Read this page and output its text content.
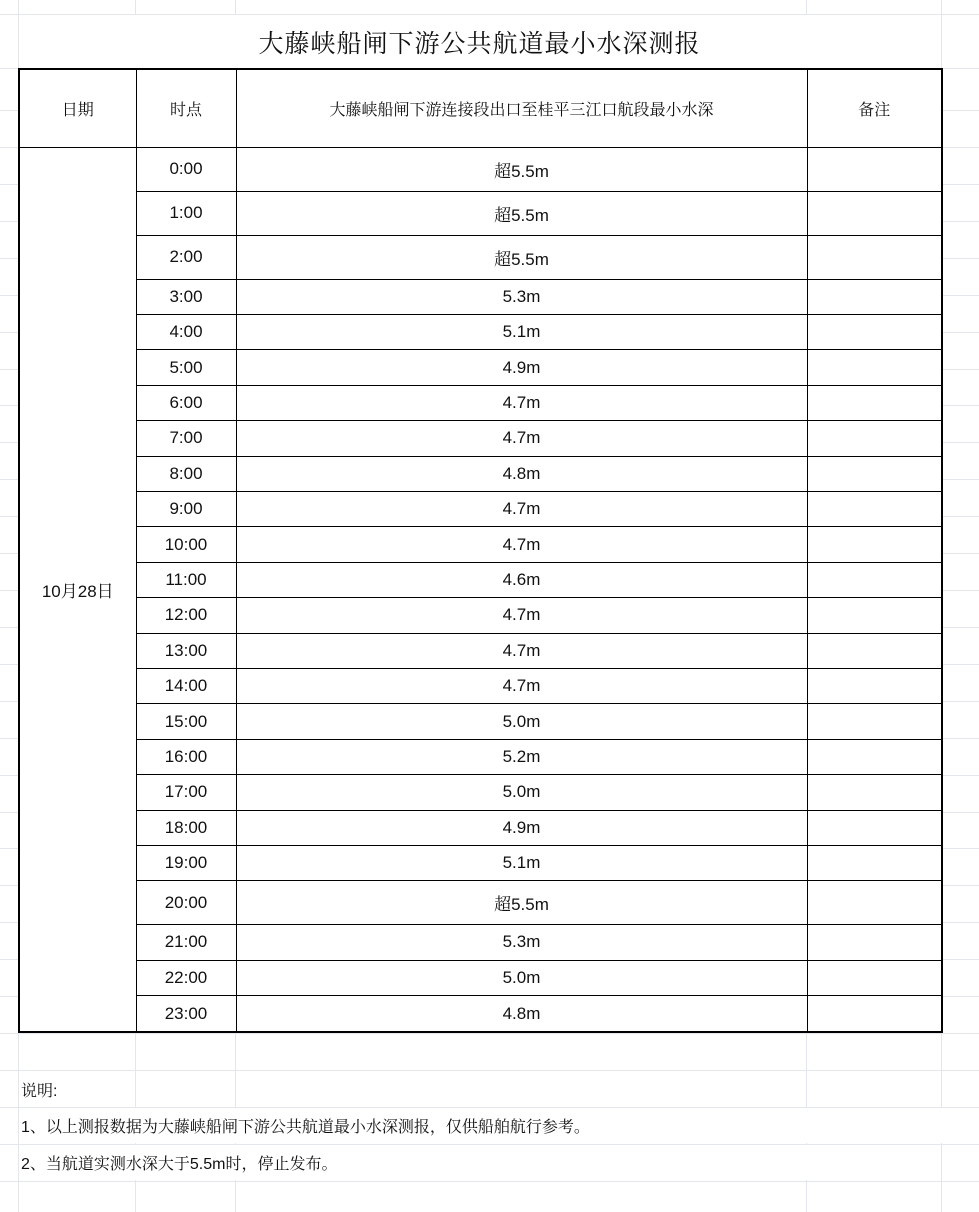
大藤峡船闸下游公共航道最小水深测报
日期	时点	大藤峡船闸下游连接段出口至桂平三江口航段最小水深	备注
10月28日	0:00	超5.5m	
	1:00	超5.5m	
	2:00	超5.5m	
	3:00	5.3m	
	4:00	5.1m	
	5:00	4.9m	
	6:00	4.7m	
	7:00	4.7m	
	8:00	4.8m	
	9:00	4.7m	
	10:00	4.7m	
	11:00	4.6m	
	12:00	4.7m	
	13:00	4.7m	
	14:00	4.7m	
	15:00	5.0m	
	16:00	5.2m	
	17:00	5.0m	
	18:00	4.9m	
	19:00	5.1m	
	20:00	超5.5m	
	21:00	5.3m	
	22:00	5.0m	
	23:00	4.8m	
说明:
1、以上测报数据为大藤峡船闸下游公共航道最小水深测报，仅供船舶航行参考。
2、当航道实测水深大于5.5m时，停止发布。
